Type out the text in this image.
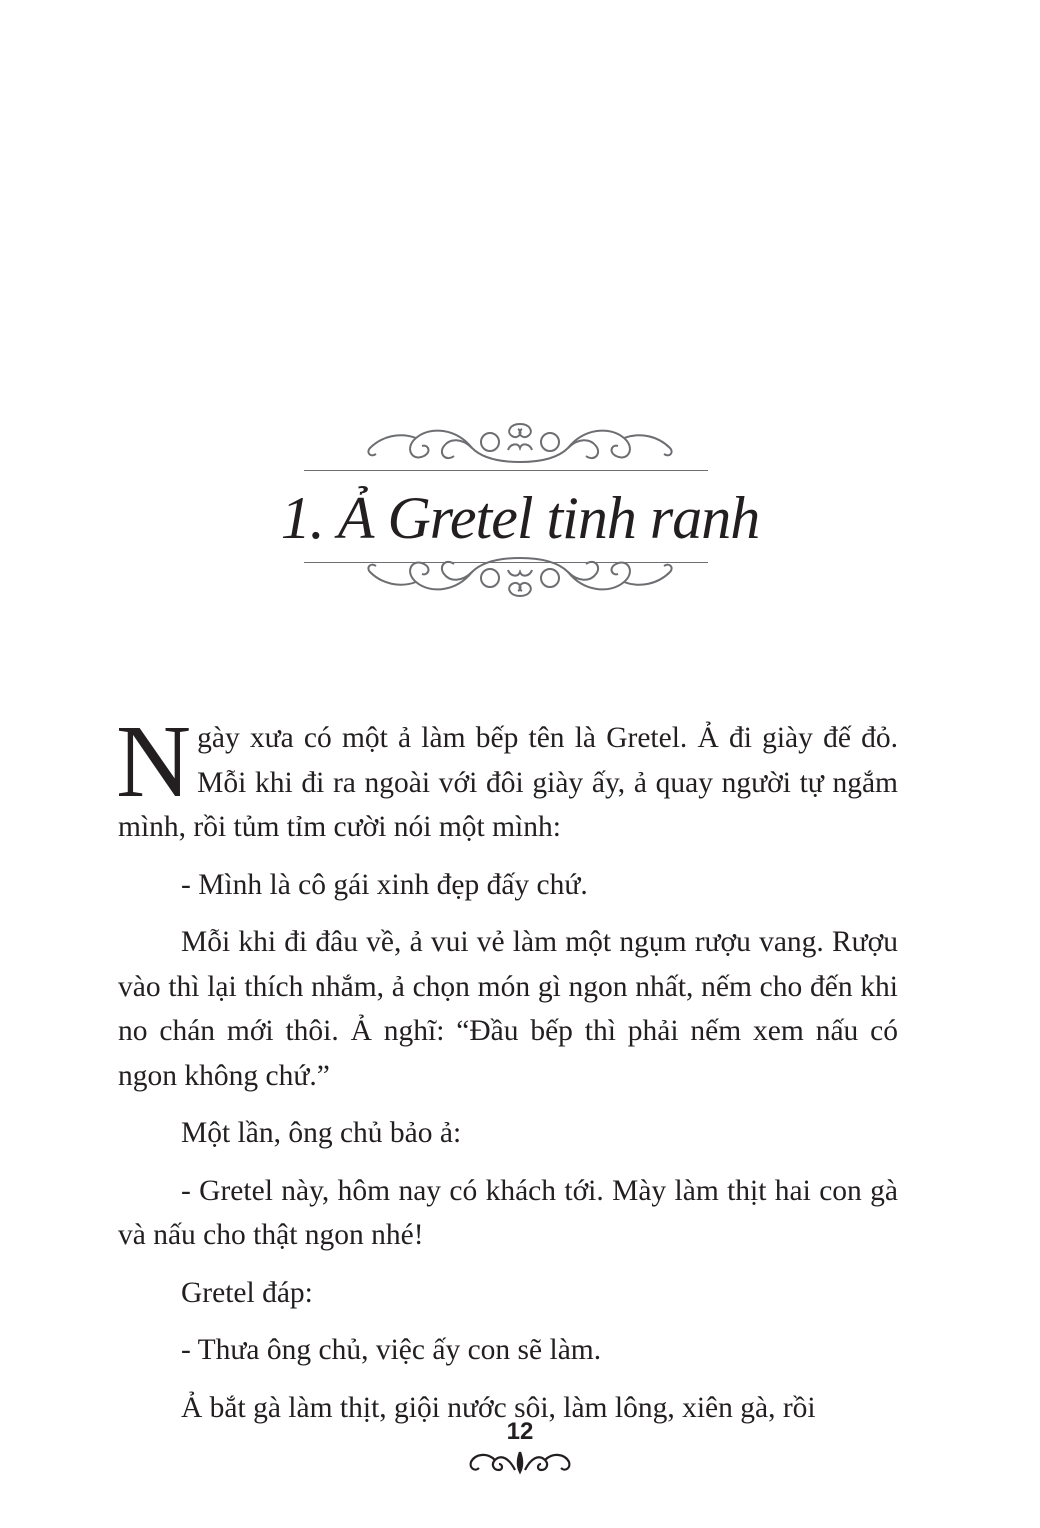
1. Ả Gretel tinh ranh

Ngày xưa có một ả làm bếp tên là Gretel. Ả đi giày đế đỏ. Mỗi khi đi ra ngoài với đôi giày ấy, ả quay người tự ngắm mình, rồi tủm tỉm cười nói một mình:

- Mình là cô gái xinh đẹp đấy chứ.

Mỗi khi đi đâu về, ả vui vẻ làm một ngụm rượu vang. Rượu vào thì lại thích nhắm, ả chọn món gì ngon nhất, nếm cho đến khi no chán mới thôi. Ả nghĩ: “Đầu bếp thì phải nếm xem nấu có ngon không chứ.”

Một lần, ông chủ bảo ả:

- Gretel này, hôm nay có khách tới. Mày làm thịt hai con gà và nấu cho thật ngon nhé!

Gretel đáp:

- Thưa ông chủ, việc ấy con sẽ làm.

Ả bắt gà làm thịt, giội nước sôi, làm lông, xiên gà, rồi

12
